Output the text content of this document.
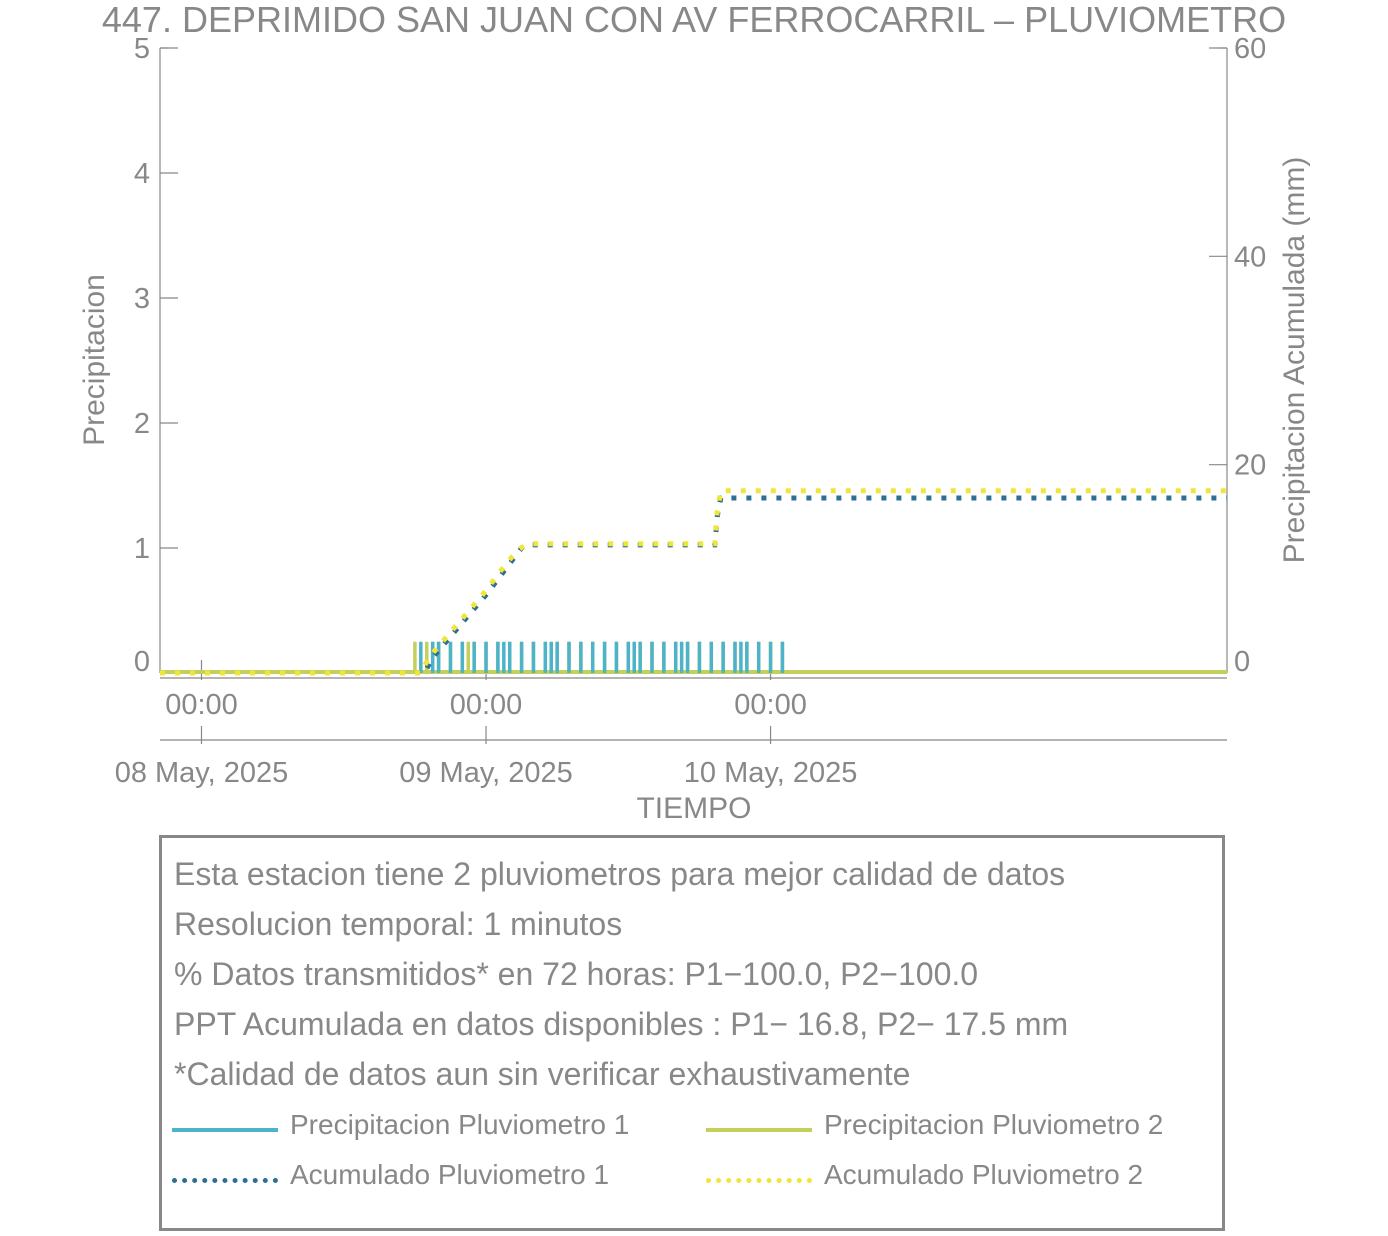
447. DEPRIMIDO SAN JUAN CON AV FERROCARRIL – PLUVIOMETRO
0
1
2
3
4
5
0
20
40
60
Precipitacion	Precipitacion Acumulada (mm)
TIEMPO
00:00
08 May, 2025
00:00
09 May, 2025
00:00
10 May, 2025
Esta estacion tiene 2 pluviometros para mejor calidad de datos
Resolucion temporal: 1 minutos
% Datos transmitidos* en 72 horas: P1−100.0, P2−100.0
PPT Acumulada en datos disponibles : P1− 16.8, P2− 17.5 mm
*Calidad de datos aun sin verificar exhaustivamente
Precipitacion Pluviometro 1	Precipitacion Pluviometro 2
Acumulado Pluviometro 1	Acumulado Pluviometro 2
